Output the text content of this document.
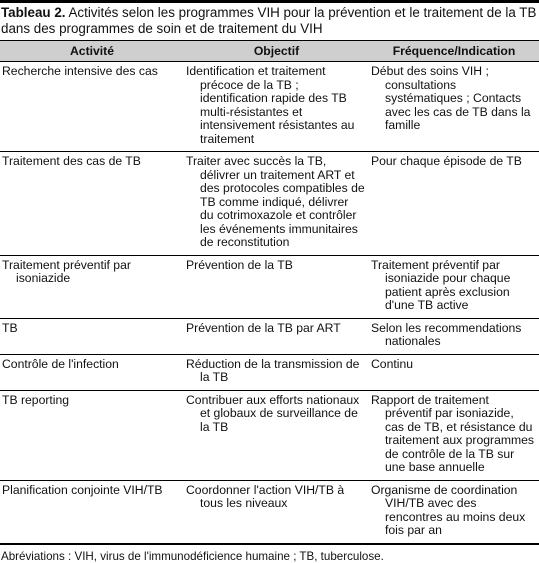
Tableau 2. Activités selon les programmes VIH pour la prévention et le traitement de la TB dans des programmes de soin et de traitement du VIH
Activité	Objectif	Fréquence/Indication

Recherche intensive des cas	Identification et traitement précoce de la TB ; identification rapide des TB multi-résistantes et intensivement résistantes au traitement	Début des soins VIH ; consultations systématiques ; Contacts avec les cas de TB dans la famille

Traitement des cas de TB	Traiter avec succès la TB, délivrer un traitement ART et des protocoles compatibles de TB comme indiqué, délivrer du cotrimoxazole et contrôler les événements immunitaires de reconstitution	Pour chaque épisode de TB

Traitement préventif par isoniazide	Prévention de la TB	Traitement préventif par isoniazide pour chaque patient après exclusion d'une TB active

TB	Prévention de la TB par ART	Selon les recommendations nationales

Contrôle de l'infection	Réduction de la transmission de la TB	Continu

TB reporting	Contribuer aux efforts nationaux et globaux de surveillance de la TB	Rapport de traitement préventif par isoniazide, cas de TB, et résistance du traitement aux programmes de contrôle de la TB sur une base annuelle

Planification conjointe VIH/TB	Coordonner l'action VIH/TB à tous les niveaux	Organisme de coordination VIH/TB avec des rencontres au moins deux fois par an
Abréviations : VIH, virus de l'immunodéficience humaine ; TB, tuberculose.
